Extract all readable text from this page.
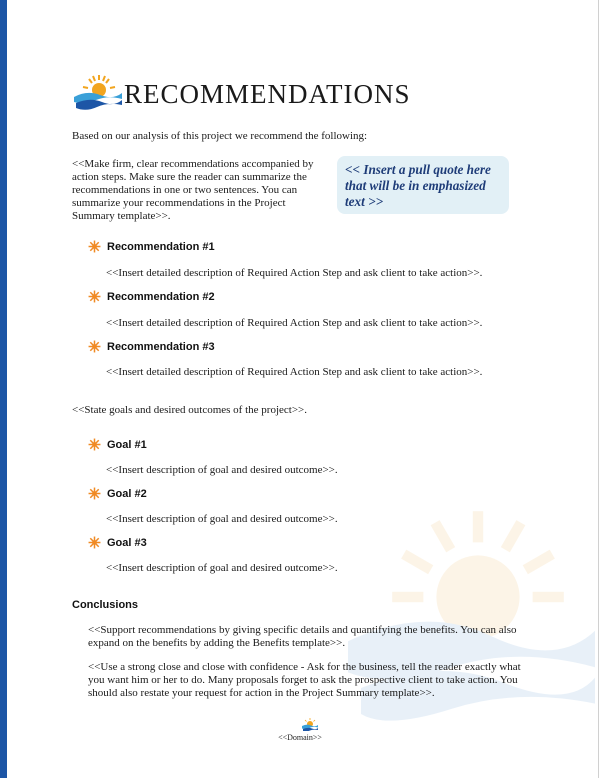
RECOMMENDATIONS
Based on our analysis of this project we recommend the following:
<<Make firm, clear recommendations accompanied by action steps. Make sure the reader can summarize the recommendations in one or two sentences. You can summarize your recommendations in the Project Summary template>>.
<< Insert a pull quote here that will be in emphasized text >>
Recommendation #1
<<Insert detailed description of Required Action Step and ask client to take action>>.
Recommendation #2
<<Insert detailed description of Required Action Step and ask client to take action>>.
Recommendation #3
<<Insert detailed description of Required Action Step and ask client to take action>>.
<<State goals and desired outcomes of the project>>.
Goal #1
<<Insert description of goal and desired outcome>>.
Goal #2
<<Insert description of goal and desired outcome>>.
Goal #3
<<Insert description of goal and desired outcome>>.
Conclusions
<<Support recommendations by giving specific details and quantifying the benefits. You can also expand on the benefits by adding the Benefits template>>.
<<Use a strong close and close with confidence - Ask for the business, tell the reader exactly what you want him or her to do. Many proposals forget to ask the prospective client to take action. You should also restate your request for action in the Project Summary template>>.
<<Domain>>
